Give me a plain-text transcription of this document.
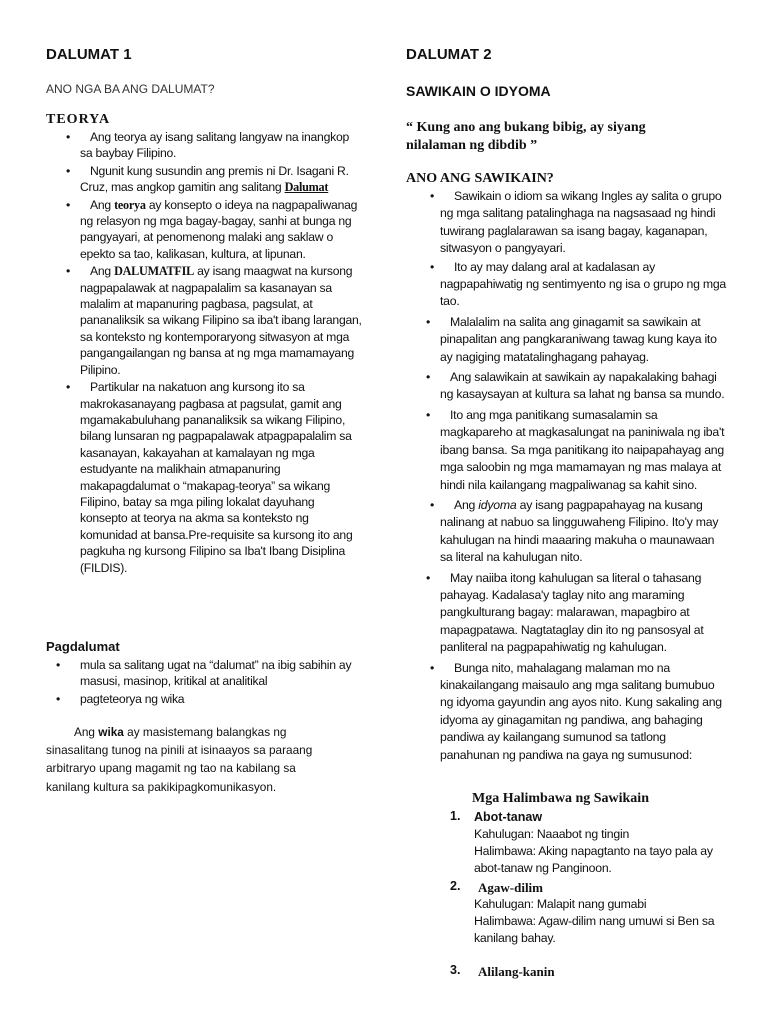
DALUMAT 1
ANO NGA BA ANG DALUMAT?
TEORYA
• Ang teorya ay isang salitang langyaw na inangkop sa baybay Filipino.
• Ngunit kung susundin ang premis ni Dr. Isagani R. Cruz, mas angkop gamitin ang salitang Dalumat
• Ang teorya ay konsepto o ideya na nagpapaliwanag ng relasyon ng mga bagay-bagay, sanhi at bunga ng pangyayari, at penomenong malaki ang saklaw o epekto sa tao, kalikasan, kultura, at lipunan.
• Ang DALUMATFIL ay isang maagwat na kursong nagpapalawak at nagpapalalim sa kasanayan sa malalim at mapanuring pagbasa, pagsulat, at pananaliksik sa wikang Filipino sa iba't ibang larangan, sa konteksto ng kontemporaryong sitwasyon at mga pangangailangan ng bansa at ng mga mamamayang Pilipino.
• Partikular na nakatuon ang kursong ito sa makrokasanayang pagbasa at pagsulat, gamit ang mgamakabuluhang pananaliksik sa wikang Filipino, bilang lunsaran ng pagpapalawak atpagpapalalim sa kasanayan, kakayahan at kamalayan ng mga estudyante na malikhain atmapanuring makapagdalumat o “makapag-teorya” sa wikang Filipino, batay sa mga piling lokalat dayuhang konsepto at teorya na akma sa konteksto ng komunidad at bansa.Pre-requisite sa kursong ito ang pagkuha ng kursong Filipino sa Iba't Ibang Disiplina (FILDIS).
Pagdalumat
• mula sa salitang ugat na “dalumat” na ibig sabihin ay masusi, masinop, kritikal at analitikal
• pagteteorya ng wika
Ang wika ay masistemang balangkas ng sinasalitang tunog na pinili at isinaayos sa paraang arbitraryo upang magamit ng tao na kabilang sa kanilang kultura sa pakikipagkomunikasyon.
DALUMAT 2
SAWIKAIN O IDYOMA
“ Kung ano ang bukang bibig, ay siyang nilalaman ng dibdib ”
ANO ANG SAWIKAIN?
• Sawikain o idiom sa wikang Ingles ay salita o grupo ng mga salitang patalinghaga na nagsasaad ng hindi tuwirang paglalarawan sa isang bagay, kaganapan, sitwasyon o pangyayari.
• Ito ay may dalang aral at kadalasan ay nagpapahiwatig ng sentimyento ng isa o grupo ng mga tao.
• Malalalim na salita ang ginagamit sa sawikain at pinapalitan ang pangkaraniwang tawag kung kaya ito ay nagiging matatalinghagang pahayag.
• Ang salawikain at sawikain ay napakalaking bahagi ng kasaysayan at kultura sa lahat ng bansa sa mundo.
• Ito ang mga panitikang sumasalamin sa magkapareho at magkasalungat na paniniwala ng iba't ibang bansa. Sa mga panitikang ito naipapahayag ang mga saloobin ng mga mamamayan ng mas malaya at hindi nila kailangang magpaliwanag sa kahit sino.
• Ang idyoma ay isang pagpapahayag na kusang nalinang at nabuo sa lingguwaheng Filipino. Ito'y may kahulugan na hindi maaaring makuha o maunawaan sa literal na kahulugan nito.
• May naiiba itong kahulugan sa literal o tahasang pahayag. Kadalasa'y taglay nito ang maraming pangkulturang bagay: malarawan, mapagbiro at mapagpatawa. Nagtataglay din ito ng pansosyal at panliteral na pagpapahiwatig ng kahulugan.
• Bunga nito, mahalagang malaman mo na kinakailangang maisaulo ang mga salitang bumubuo ng idyoma gayundin ang ayos nito. Kung sakaling ang idyoma ay ginagamitan ng pandiwa, ang bahaging pandiwa ay kailangang sumunod sa tatlong panahunan ng pandiwa na gaya ng sumusunod:
Mga Halimbawa ng Sawikain
1. Abot-tanaw
Kahulugan: Naaabot ng tingin
Halimbawa: Aking napagtanto na tayo pala ay abot-tanaw ng Panginoon.
2.	Agaw-dilim
Kahulugan: Malapit nang gumabi
Halimbawa: Agaw-dilim nang umuwi si Ben sa kanilang bahay.
3.	Alilang-kanin
